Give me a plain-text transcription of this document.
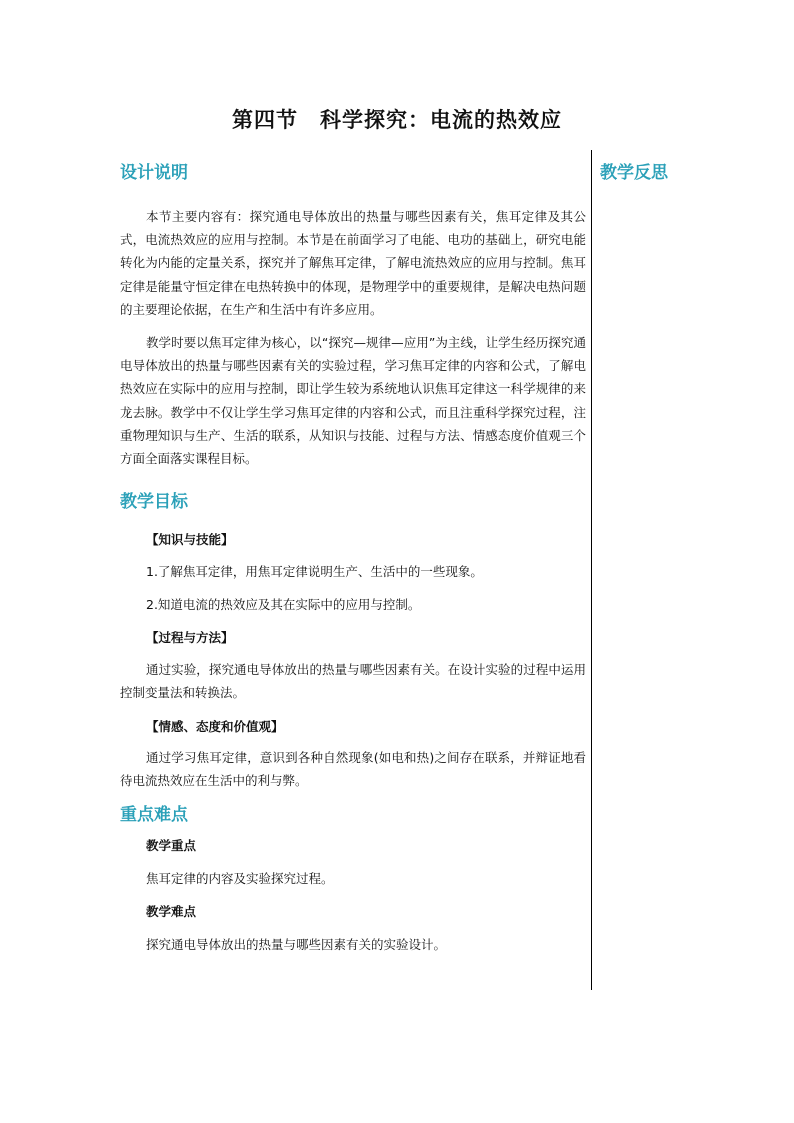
第四节　科学探究：电流的热效应
教学反思
设计说明

本节主要内容有：探究通电导体放出的热量与哪些因素有关，焦耳定律及其公式，电流热效应的应用与控制。本节是在前面学习了电能、电功的基础上，研究电能转化为内能的定量关系，探究并了解焦耳定律，了解电流热效应的应用与控制。焦耳定律是能量守恒定律在电热转换中的体现，是物理学中的重要规律，是解决电热问题的主要理论依据，在生产和生活中有许多应用。

教学时要以焦耳定律为核心，以“探究—规律—应用”为主线，让学生经历探究通电导体放出的热量与哪些因素有关的实验过程，学习焦耳定律的内容和公式，了解电热效应在实际中的应用与控制，即让学生较为系统地认识焦耳定律这一科学规律的来龙去脉。教学中不仅让学生学习焦耳定律的内容和公式，而且注重科学探究过程，注重物理知识与生产、生活的联系，从知识与技能、过程与方法、情感态度价值观三个方面全面落实课程目标。

教学目标

【知识与技能】

1.了解焦耳定律，用焦耳定律说明生产、生活中的一些现象。

2.知道电流的热效应及其在实际中的应用与控制。

【过程与方法】

通过实验，探究通电导体放出的热量与哪些因素有关。在设计实验的过程中运用控制变量法和转换法。

【情感、态度和价值观】

通过学习焦耳定律，意识到各种自然现象(如电和热)之间存在联系，并辩证地看待电流热效应在生活中的利与弊。

重点难点

教学重点

焦耳定律的内容及实验探究过程。

教学难点

探究通电导体放出的热量与哪些因素有关的实验设计。
